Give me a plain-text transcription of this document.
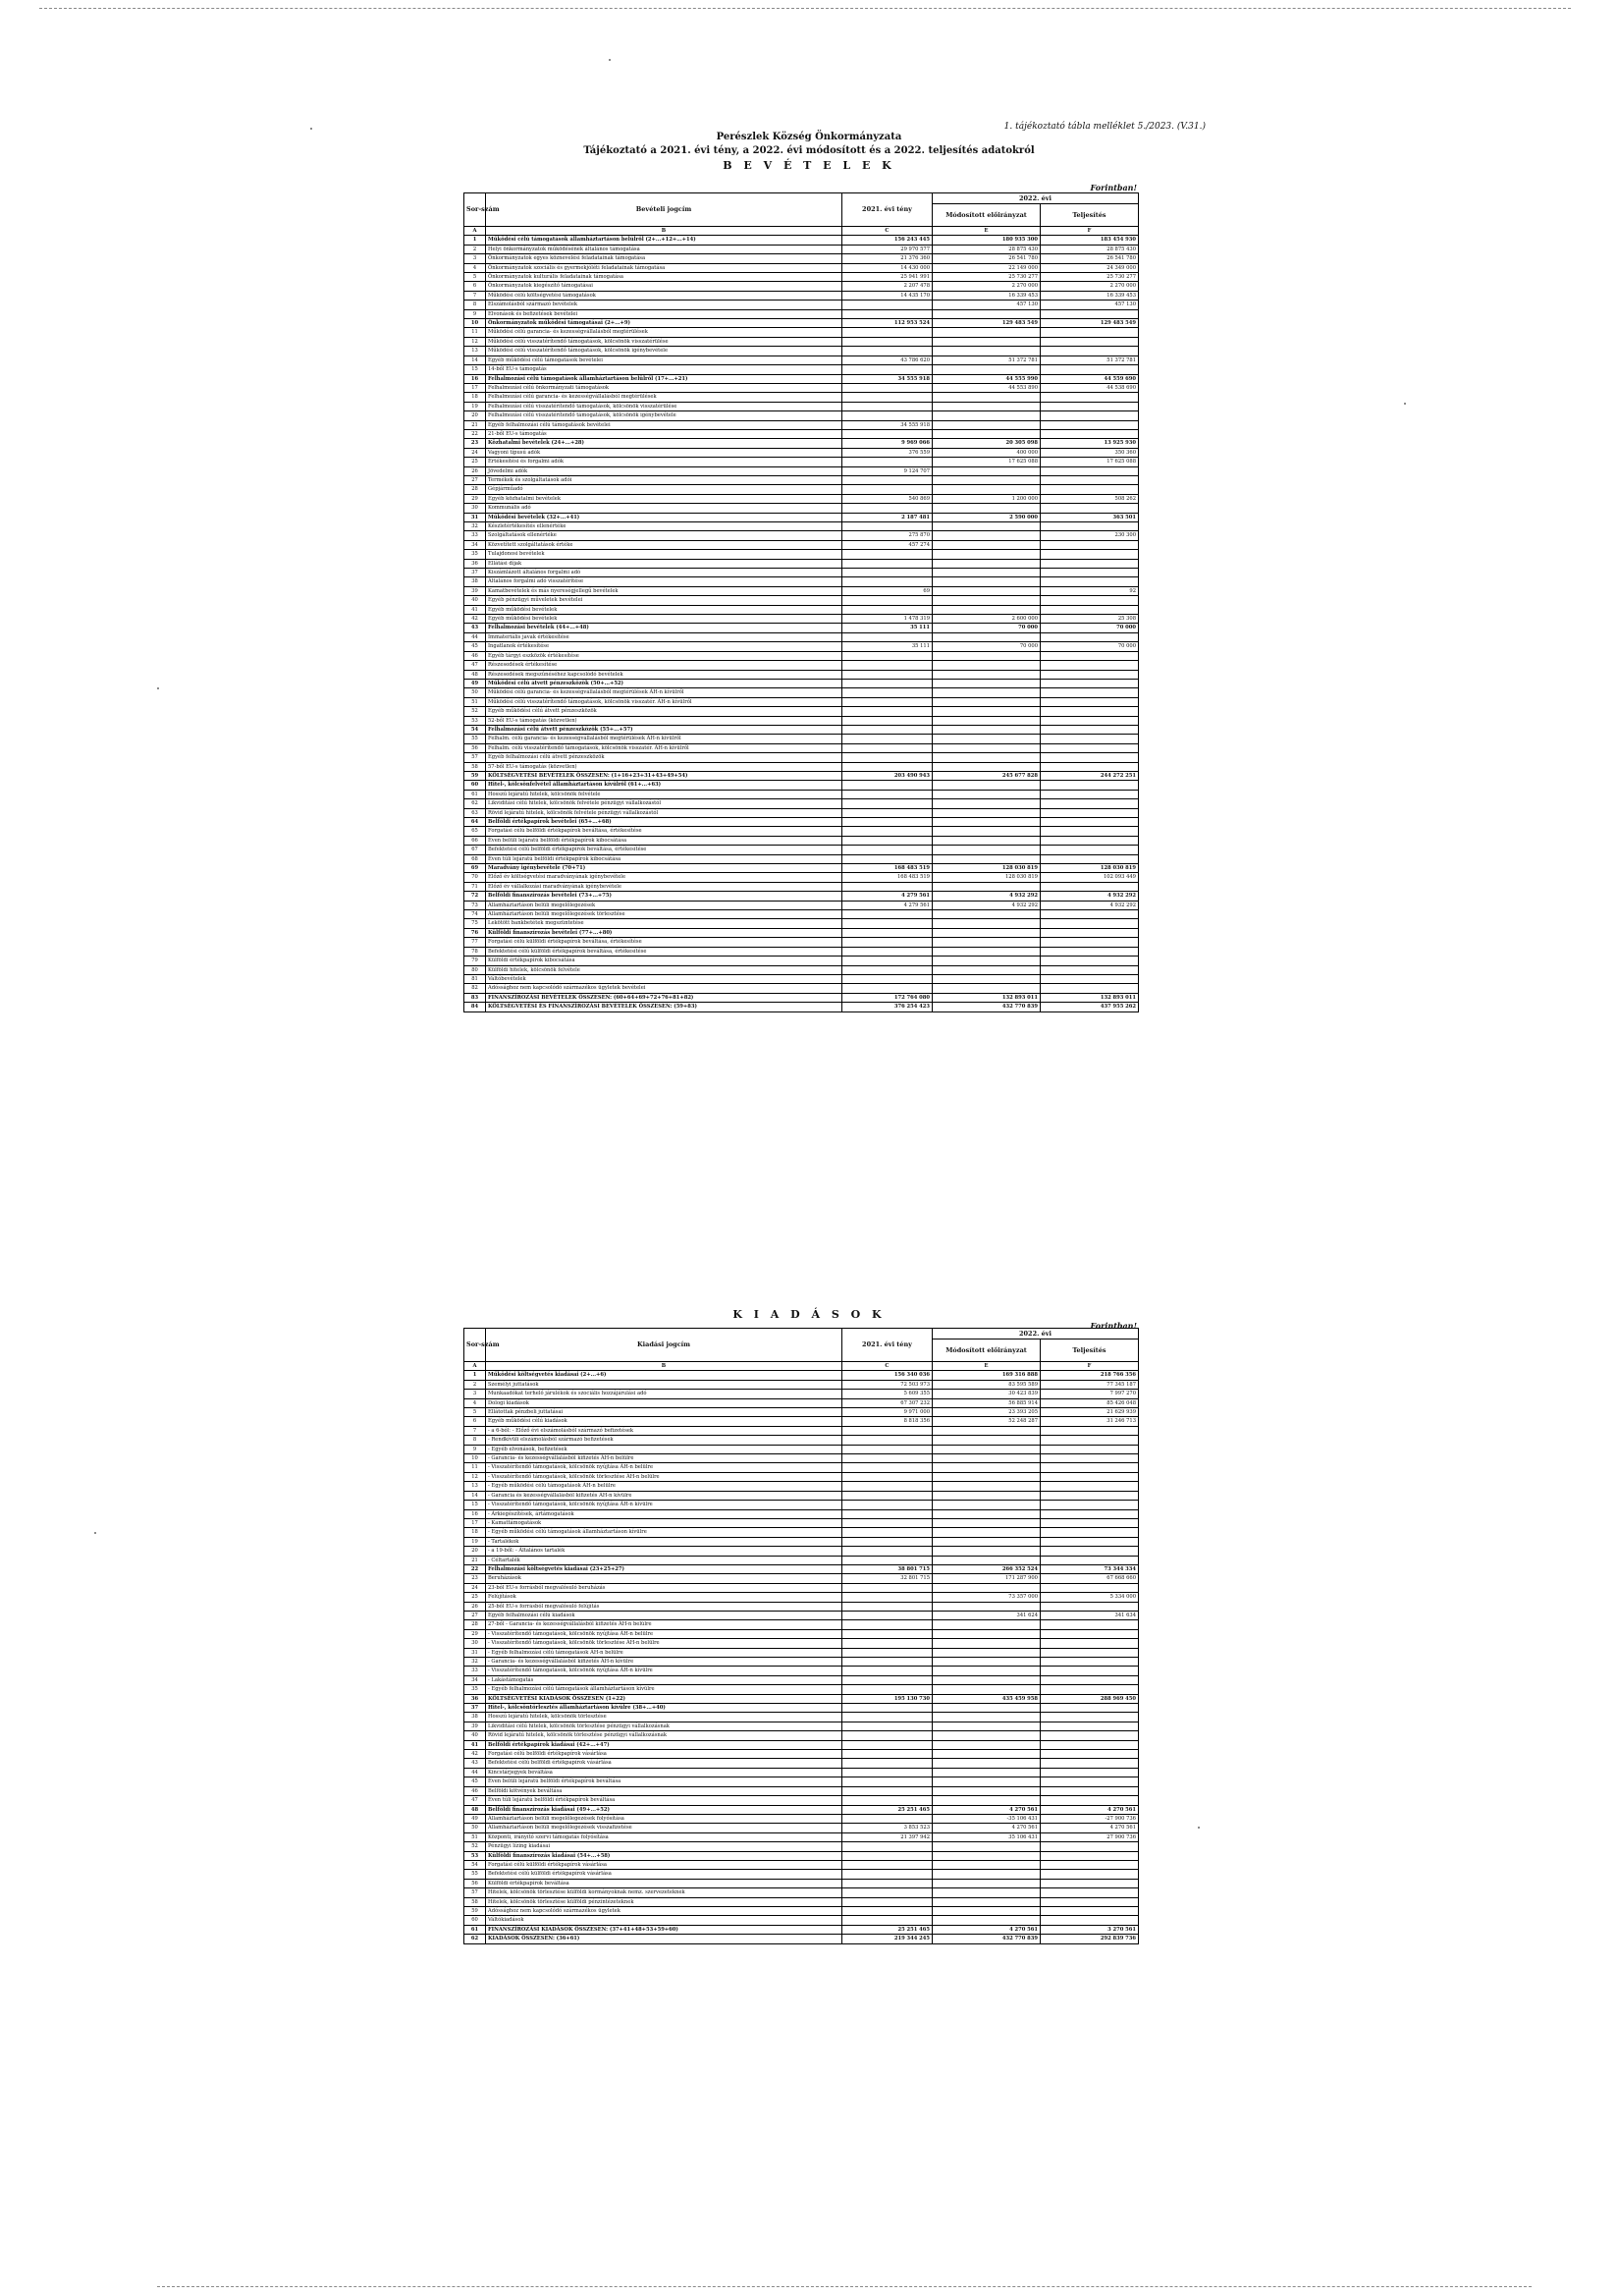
1. tájékoztató tábla melléklet 5./2023. (V.31.)
Perészlek Község Önkormányzata
Tájékoztató a 2021. évi tény, a 2022. évi módosított és a 2022. teljesítés adatokról
B E V É T E L E K
Forintban!
Sor-szám	Bevételi jogcím	2021. évi tény	2022. évi	
			Módosított előirányzat	Teljesítés
A	B	C	E	F
1	Működési célú támogatások államháztartáson belülről (2+...+12+...+14)	156 243 445	180 935 300	183 454 930
2	Helyi önkormányzatok működésének általános támogatása	29 970 577	28 875 430	28 875 430
3	Önkormányzatok egyes köznevelési feladatainak támogatása	21 376 360	26 541 780	26 541 780
4	Önkormányzatok szociális és gyermekjóléti feladatainak támogatása	14 430 000	22 149 000	24 349 000
5	Önkormányzatok kulturális feladatainak támogatása	25 941 991	25 730 277	25 730 277
6	Önkormányzatok kiegészítő támogatásai	2 207 478	2 270 000	2 270 000
7	Működési célú költségvetési támogatások	14 435 170	16 339 453	16 339 453
8	Elszámolásból származó bevételek		457 130	457 130
9	Elvonások és befizetések bevételei			
10	Önkormányzatok működési támogatásai (2+...+9)	112 953 524	129 483 549	129 483 549
11	Működési célú garancia- és kezességvállalásból megtérülések			
12	Működési célú visszatérítendő támogatások, kölcsönök visszatérülése			
13	Működési célú visszatérítendő támogatások, kölcsönök igénybevétele			
14	Egyéb működési célú támogatások bevételei	43 786 620	51 372 781	51 372 781
15	14-ből EU-s támogatás			
16	Felhalmozási célú támogatások államháztartáson belülről (17+...+21)	34 555 918	44 555 990	44 559 690
17	Felhalmozási célú önkormányzati támogatások		44 553 890	44 538 690
18	Felhalmozási célú garancia- és kezességvállalásból megtérülések			
19	Felhalmozási célú visszatérítendő támogatások, kölcsönök visszatérülése			
20	Felhalmozási célú visszatérítendő támogatások, kölcsönök igénybevétele			
21	Egyéb felhalmozási célú támogatások bevételei	34 555 918		
22	21-ből EU-s támogatás			
23	Közhatalmi bevételek (24+...+28)	9 969 066	20 305 098	13 925 930
24	Vagyoni típusú adók	376 559	400 000	350 360
25	Értékesítési és forgalmi adók		17 625 088	17 625 088
26	Jövedelmi adók	9 124 707		
27	Termékek és szolgáltatások adói			
28	Gépjárműadó			
29	Egyéb közhatalmi bevételek	540 869	1 200 000	508 262
30	Kommunális adó			
31	Működési bevételek (32+...+41)	2 187 481	2 590 000	363 501
32	Készletértékesítés ellenértéke			
33	Szolgáltatások ellenértéke	275 870		230 300
34	Közvetített szolgáltatások értéke	457 274		
35	Tulajdonosi bevételek			
36	Ellátási díjak			
37	Kiszámlázott általános forgalmi adó			
38	Általános forgalmi adó visszatérítése			
39	Kamatbevételek és más nyereségjellegű bevételek	69		92
40	Egyéb pénzügyi műveletek bevételei			
41	Egyéb működési bevételek			
42	Egyéb működési bevételek	1 478 319	2 600 000	25 308
43	Felhalmozási bevételek (44+...+48)	35 111	70 000	70 000
44	Immateriális javak értékesítése			
45	Ingatlanok értékesítése	35 111	70 000	70 000
46	Egyéb tárgyi eszközök értékesítése			
47	Részesedések értékesítése			
48	Részesedések megszűnéséhez kapcsolódó bevételek			
49	Működési célú átvett pénzeszközök (50+...+52)			
50	Működési célú garancia- és kezességvállalásból megtérülések ÁH-n kívülről			
51	Működési célú visszatérítendő támogatások, kölcsönök visszatér. ÁH-n kívülről			
52	Egyéb működési célú átvett pénzeszközök			
53	52-ből EU-s támogatás (közvetlen)			
54	Felhalmozási célú átvett pénzeszközök (55+...+57)			
55	Felhalm. célú garancia- és kezességvállalásból megtérülések ÁH-n kívülről			
56	Felhalm. célú visszatérítendő támogatások, kölcsönök visszatér. ÁH-n kívülről			
57	Egyéb felhalmozási célú átvett pénzeszközök			
58	57-ből EU-s támogatás (közvetlen)			
59	KÖLTSÉGVETÉSI BEVÉTELEK ÖSSZESEN: (1+16+23+31+43+49+54)	203 490 943	245 677 828	244 272 251
60	Hitel-, kölcsönfelvétel államháztartáson kívülről (61+...+63)			
61	Hosszú lejáratú hitelek, kölcsönök felvétele			
62	Likviditási célú hitelek, kölcsönök felvétele pénzügyi vállalkozástól			
63	Rövid lejáratú hitelek, kölcsönök felvétele pénzügyi vállalkozástól			
64	Belföldi értékpapírok bevételei (65+...+68)			
65	Forgatási célú belföldi értékpapírok beváltása, értékesítése			
66	Éven belüli lejáratú belföldi értékpapírok kibocsátása			
67	Befektetési célú belföldi értékpapírok beváltása, értékesítése			
68	Éven túli lejáratú belföldi értékpapírok kibocsátása			
69	Maradvány igénybevétele (70+71)	168 483 519	128 030 819	128 030 819
70	Előző év költségvetési maradványának igénybevétele	168 483 519	128 030 819	102 093 449
71	Előző év vállalkozási maradványának igénybevétele			
72	Belföldi finanszírozás bevételei (73+...+75)	4 279 561	4 932 292	4 932 292
73	Államháztartáson belüli megelőlegezések	4 279 561	4 932 292	4 932 292
74	Államháztartáson belüli megelőlegezések törlesztése			
75	Lekötött bankbetétek megszüntetése			
76	Külföldi finanszírozás bevételei (77+...+80)			
77	Forgatási célú külföldi értékpapírok beváltása, értékesítése			
78	Befektetési célú külföldi értékpapírok beváltása, értékesítése			
79	Külföldi értékpapírok kibocsátása			
80	Külföldi hitelek, kölcsönök felvétele			
81	Váltóbevételek			
82	Adóssághoz nem kapcsolódó származékos ügyletek bevételei			
83	FINANSZÍROZÁSI BEVÉTELEK ÖSSZESEN: (60+64+69+72+76+81+82)	172 764 080	132 893 011	132 893 011
84	KÖLTSÉGVETÉSI ÉS FINANSZÍROZÁSI BEVÉTELEK ÖSSZESEN: (59+83)	376 254 423	432 770 839	437 955 262
K I A D Á S O K
Forintban!
Sor-szám	Kiadási jogcím	2021. évi tény	2022. évi	
			Módosított előirányzat	Teljesítés
A	B	C	E	F
1	Működési költségvetés kiadásai (2+...+6)	156 340 036	169 316 888	218 766 356
2	Személyi juttatások	72 503 973	83 595 589	77 345 187
3	Munkaadókat terhelő járulékok és szociális hozzájárulási adó	5 609 355	30 423 839	7 997 270
4	Dologi kiadások	67 307 232	56 885 914	85 426 048
5	Ellátottak pénzbeli juttatásai	9 971 000	23 393 205	21 629 939
6	Egyéb működési célú kiadások	8 818 356	52 248 287	31 246 713
7	- a 6-ból: - Előző évi elszámolásból származó befizetések			
8	- Rendkívüli elszámolásból származó befizetések			
9	- Egyéb elvonások, befizetések			
10	- Garancia- és kezességvállalásból kifizetés ÁH-n belülre			
11	- Visszatérítendő támogatások, kölcsönök nyújtása ÁH-n belülre			
12	- Visszatérítendő támogatások, kölcsönök törlesztése ÁH-n belülre			
13	- Egyéb működési célú támogatások ÁH-n belülre			
14	- Garancia és kezességvállalásból kifizetés ÁH-n kívülre			
15	- Visszatérítendő támogatások, kölcsönök nyújtása ÁH-n kívülre			
16	- Árkiegészítések, ártámogatások			
17	- Kamattámogatások			
18	- Egyéb működési célú támogatások államháztartáson kívülre			
19	- Tartalékok			
20	- a 19-ből: - Általános tartalék			
21	- Céltartalék			
22	Felhalmozási költségvetés kiadásai (23+25+27)	38 801 715	266 352 524	73 344 334
23	Beruházások	32 801 715	171 287 900	67 668 660
24	23-ból EU-s forrásból megvalósuló beruházás			
25	Felújítások		73 357 000	5 334 000
26	25-ből EU-s forrásból megvalósuló felújítás			
27	Egyéb felhalmozási célú kiadások		341 624	341 634
28	27-ből - Garancia- és kezességvállalásból kifizetés ÁH-n belülre			
29	- Visszatérítendő támogatások, kölcsönök nyújtása ÁH-n belülre			
30	- Visszatérítendő támogatások, kölcsönök törlesztése ÁH-n belülre			
31	- Egyéb felhalmozási célú támogatások ÁH-n belülre			
32	- Garancia- és kezességvállalásból kifizetés ÁH-n kívülre			
33	- Visszatérítendő támogatások, kölcsönök nyújtása ÁH-n kívülre			
34	- Lakástámogatás			
35	- Egyéb felhalmozási célú támogatások államháztartáson kívülre			
36	KÖLTSÉGVETÉSI KIADÁSOK ÖSSZESEN (1+22)	195 130 730	435 459 958	288 969 450
37	Hitel-, kölcsöntörlesztés államháztartáson kívülre (38+...+40)			
38	Hosszú lejáratú hitelek, kölcsönök törlesztése			
39	Likviditási célú hitelek, kölcsönök törlesztése pénzügyi vállalkozásnak			
40	Rövid lejáratú hitelek, kölcsönök törlesztése pénzügyi vállalkozásnak			
41	Belföldi értékpapírok kiadásai (42+...+47)			
42	Forgatási célú belföldi értékpapírok vásárlása			
43	Befektetési célú belföldi értékpapírok vásárlása			
44	Kincstárjegyek beváltása			
45	Éven belüli lejáratú belföldi értékpapírok beváltása			
46	Belföldi kötvények beváltása			
47	Éven túli lejáratú belföldi értékpapírok beváltása			
48	Belföldi finanszírozás kiadásai (49+...+52)	25 251 465	4 270 561	4 270 561
49	Államháztartáson belüli megelőlegezések folyósítása		-35 106 431	-27 900 736
50	Államháztartáson belüli megelőlegezések visszafizetése	3 853 523	4 270 561	4 270 561
51	Központi, irányító szervi támogatás folyósítása	21 397 942	35 106 431	27 900 736
52	Pénzügyi lízing kiadásai			
53	Külföldi finanszírozás kiadásai (54+...+58)			
54	Forgatási célú külföldi értékpapírok vásárlása			
55	Befektetési célú külföldi értékpapírok vásárlása			
56	Külföldi értékpapírok beváltása			
57	Hitelek, kölcsönök törlesztése külföldi kormányoknak nemz. szervezeteknek			
58	Hitelek, kölcsönök törlesztése külföldi pénzintézeteknek			
59	Adóssághoz nem kapcsolódó származékos ügyletek			
60	Váltókiadások			
61	FINANSZÍROZÁSI KIADÁSOK ÖSSZESEN: (37+41+48+53+59+60)	25 251 465	4 270 561	3 270 561
62	KIADÁSOK ÖSSZESEN: (36+61)	219 344 245	432 770 839	292 839 736
